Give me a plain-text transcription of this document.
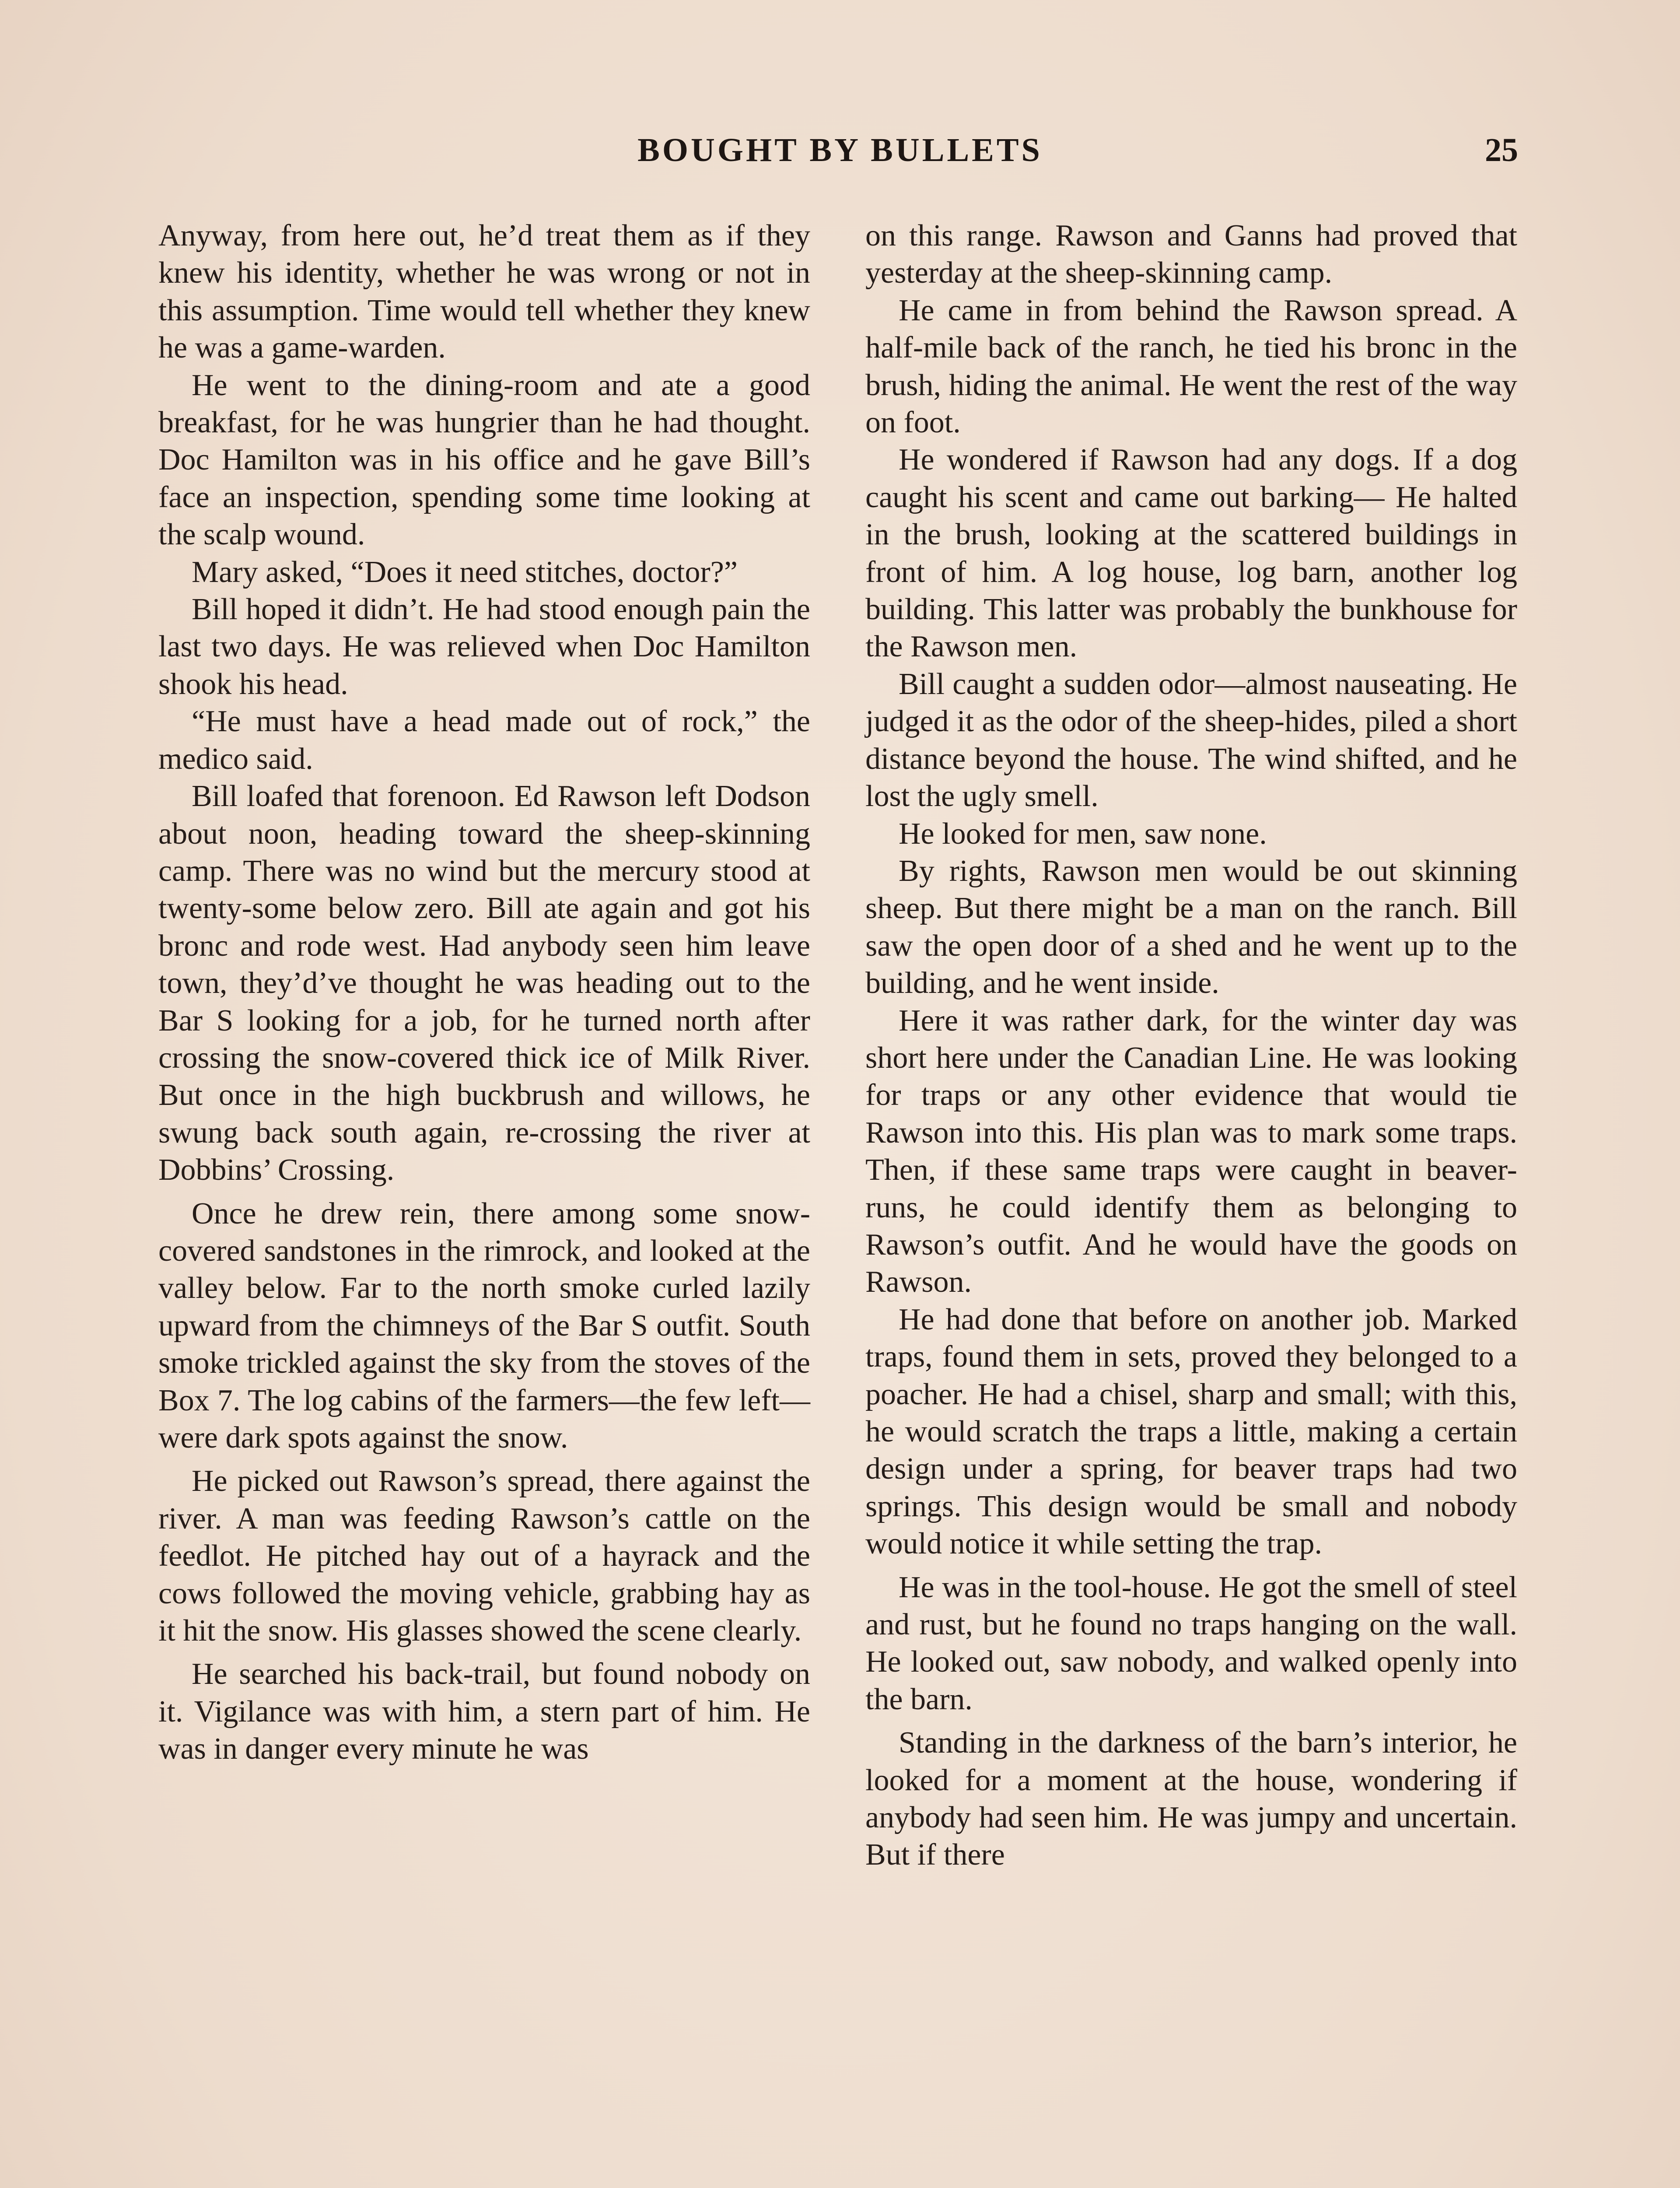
BOUGHT BY BULLETS	25

Anyway, from here out, he’d treat them as if they knew his identity, whether he was wrong or not in this assumption. Time would tell whether they knew he was a game-warden.

He went to the dining-room and ate a good breakfast, for he was hungrier than he had thought. Doc Hamilton was in his office and he gave Bill’s face an inspection, spending some time looking at the scalp wound.

Mary asked, “Does it need stitches, doctor?”

Bill hoped it didn’t. He had stood enough pain the last two days. He was relieved when Doc Hamilton shook his head.

“He must have a head made out of rock,” the medico said.

Bill loafed that forenoon. Ed Rawson left Dodson about noon, heading toward the sheep-skinning camp. There was no wind but the mercury stood at twenty-some below zero. Bill ate again and got his bronc and rode west. Had anybody seen him leave town, they’d’ve thought he was heading out to the Bar S looking for a job, for he turned north after crossing the snow-covered thick ice of Milk River. But once in the high buckbrush and willows, he swung back south again, re-crossing the river at Dobbins’ Crossing.

Once he drew rein, there among some snow-covered sandstones in the rimrock, and looked at the valley below. Far to the north smoke curled lazily upward from the chimneys of the Bar S outfit. South smoke trickled against the sky from the stoves of the Box 7. The log cabins of the farmers—the few left—were dark spots against the snow.

He picked out Rawson’s spread, there against the river. A man was feeding Rawson’s cattle on the feedlot. He pitched hay out of a hayrack and the cows followed the moving vehicle, grabbing hay as it hit the snow. His glasses showed the scene clearly.

He searched his back-trail, but found nobody on it. Vigilance was with him, a stern part of him. He was in danger every minute he was

on this range. Rawson and Ganns had proved that yesterday at the sheep-skinning camp.

He came in from behind the Rawson spread. A half-mile back of the ranch, he tied his bronc in the brush, hiding the animal. He went the rest of the way on foot.

He wondered if Rawson had any dogs. If a dog caught his scent and came out barking— He halted in the brush, looking at the scattered buildings in front of him. A log house, log barn, another log building. This latter was probably the bunkhouse for the Rawson men.

Bill caught a sudden odor—almost nauseating. He judged it as the odor of the sheep-hides, piled a short distance beyond the house. The wind shifted, and he lost the ugly smell.

He looked for men, saw none.

By rights, Rawson men would be out skinning sheep. But there might be a man on the ranch. Bill saw the open door of a shed and he went up to the building, and he went inside.

Here it was rather dark, for the winter day was short here under the Canadian Line. He was looking for traps or any other evidence that would tie Rawson into this. His plan was to mark some traps. Then, if these same traps were caught in beaver-runs, he could identify them as belonging to Rawson’s outfit. And he would have the goods on Rawson.

He had done that before on another job. Marked traps, found them in sets, proved they belonged to a poacher. He had a chisel, sharp and small; with this, he would scratch the traps a little, making a certain design under a spring, for beaver traps had two springs. This design would be small and nobody would notice it while setting the trap.

He was in the tool-house. He got the smell of steel and rust, but he found no traps hanging on the wall. He looked out, saw nobody, and walked openly into the barn.

Standing in the darkness of the barn’s interior, he looked for a moment at the house, wondering if anybody had seen him. He was jumpy and uncertain. But if there
